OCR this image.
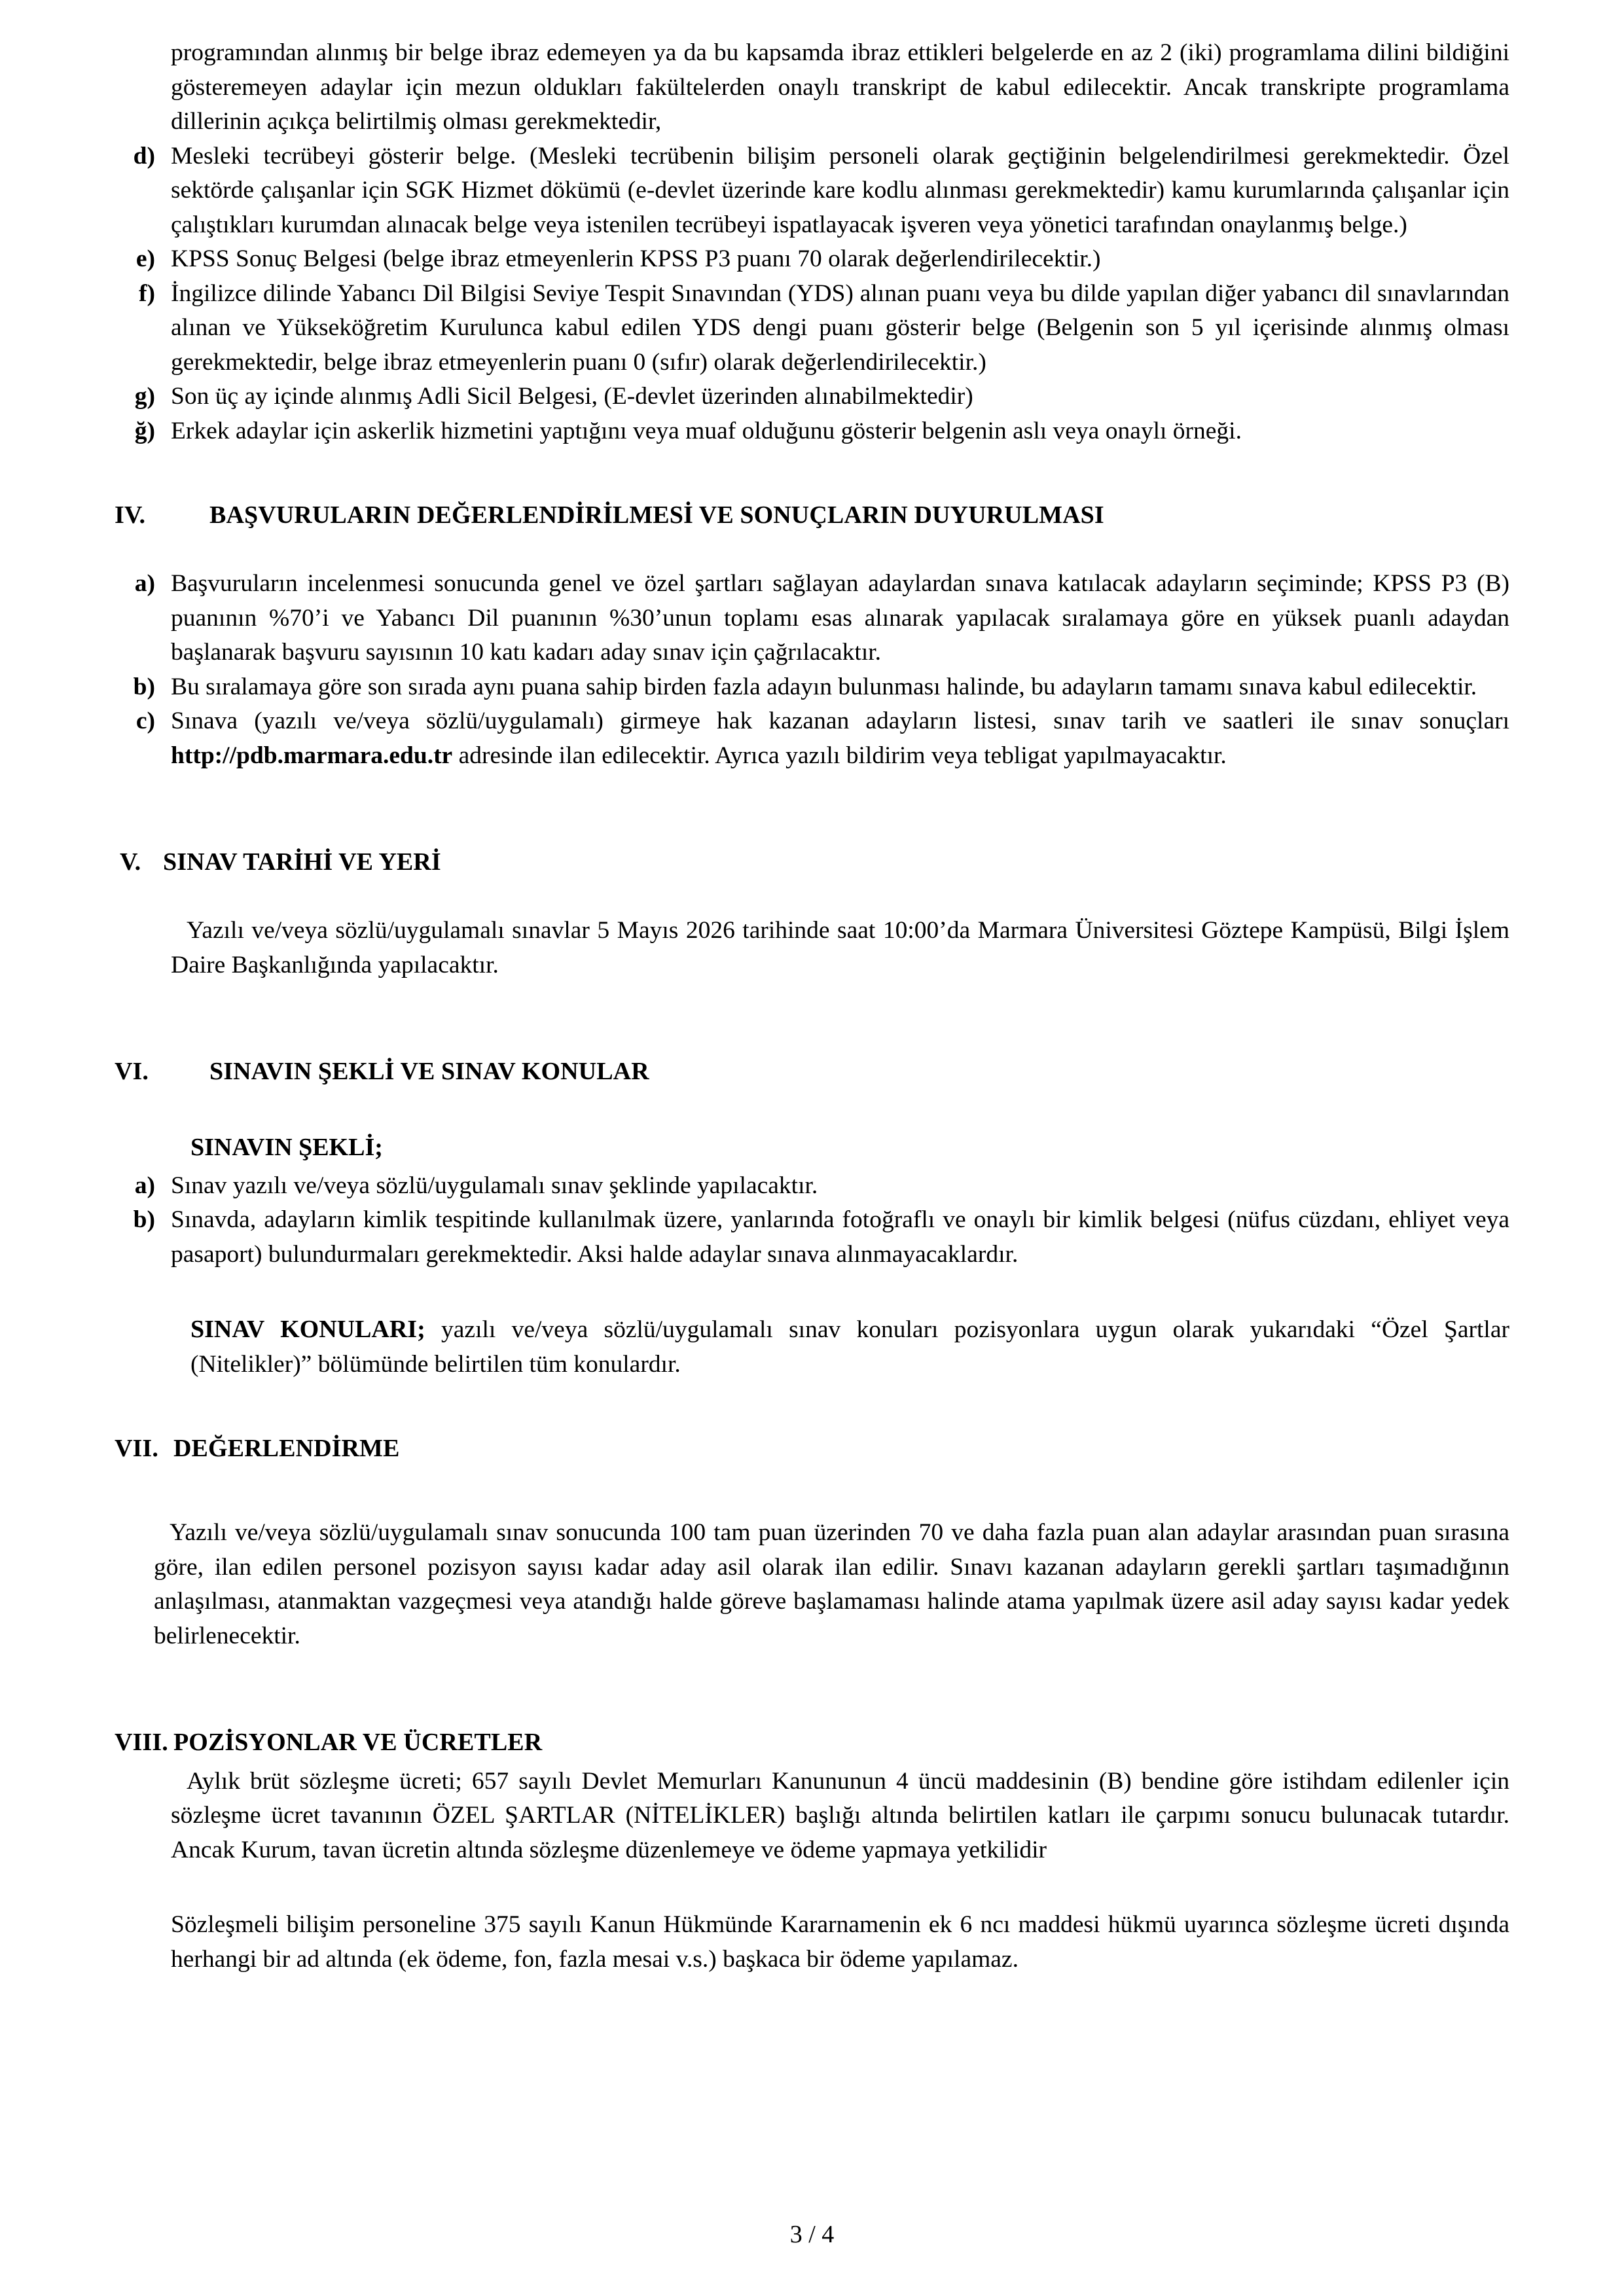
programından alınmış bir belge ibraz edemeyen ya da bu kapsamda ibraz ettikleri belgelerde en az 2 (iki) programlama dilini bildiğini gösteremeyen adaylar için mezun oldukları fakültelerden onaylı transkript de kabul edilecektir. Ancak transkripte programlama dillerinin açıkça belirtilmiş olması gerekmektedir,

d) Mesleki tecrübeyi gösterir belge. (Mesleki tecrübenin bilişim personeli olarak geçtiğinin belgelendirilmesi gerekmektedir. Özel sektörde çalışanlar için SGK Hizmet dökümü (e-devlet üzerinde kare kodlu alınması gerekmektedir) kamu kurumlarında çalışanlar için çalıştıkları kurumdan alınacak belge veya istenilen tecrübeyi ispatlayacak işveren veya yönetici tarafından onaylanmış belge.)
e) KPSS Sonuç Belgesi (belge ibraz etmeyenlerin KPSS P3 puanı 70 olarak değerlendirilecektir.)
f) İngilizce dilinde Yabancı Dil Bilgisi Seviye Tespit Sınavından (YDS) alınan puanı veya bu dilde yapılan diğer yabancı dil sınavlarından alınan ve Yükseköğretim Kurulunca kabul edilen YDS dengi puanı gösterir belge (Belgenin son 5 yıl içerisinde alınmış olması gerekmektedir, belge ibraz etmeyenlerin puanı 0 (sıfır) olarak değerlendirilecektir.)
g) Son üç ay içinde alınmış Adli Sicil Belgesi, (E-devlet üzerinden alınabilmektedir)
ğ) Erkek adaylar için askerlik hizmetini yaptığını veya muaf olduğunu gösterir belgenin aslı veya onaylı örneği.
IV.	BAŞVURULARIN DEĞERLENDİRİLMESİ VE SONUÇLARIN DUYURULMASI
a) Başvuruların incelenmesi sonucunda genel ve özel şartları sağlayan adaylardan sınava katılacak adayların seçiminde; KPSS P3 (B) puanının %70’i ve Yabancı Dil puanının %30’unun toplamı esas alınarak yapılacak sıralamaya göre en yüksek puanlı adaydan başlanarak başvuru sayısının 10 katı kadarı aday sınav için çağrılacaktır.
b) Bu sıralamaya göre son sırada aynı puana sahip birden fazla adayın bulunması halinde, bu adayların tamamı sınava kabul edilecektir.
c) Sınava (yazılı ve/veya sözlü/uygulamalı) girmeye hak kazanan adayların listesi, sınav tarih ve saatleri ile sınav sonuçları http://pdb.marmara.edu.tr adresinde ilan edilecektir. Ayrıca yazılı bildirim veya tebligat yapılmayacaktır.
V. SINAV TARİHİ VE YERİ

Yazılı ve/veya sözlü/uygulamalı sınavlar 5 Mayıs 2026 tarihinde saat 10:00’da Marmara Üniversitesi Göztepe Kampüsü, Bilgi İşlem Daire Başkanlığında yapılacaktır.

VI.	SINAVIN ŞEKLİ VE SINAV KONULAR
SINAVIN ŞEKLİ;
a) Sınav yazılı ve/veya sözlü/uygulamalı sınav şeklinde yapılacaktır.
b) Sınavda, adayların kimlik tespitinde kullanılmak üzere, yanlarında fotoğraflı ve onaylı bir kimlik belgesi (nüfus cüzdanı, ehliyet veya pasaport) bulundurmaları gerekmektedir. Aksi halde adaylar sınava alınmayacaklardır.

SINAV KONULARI; yazılı ve/veya sözlü/uygulamalı sınav konuları pozisyonlara uygun olarak yukarıdaki “Özel Şartlar (Nitelikler)” bölümünde belirtilen tüm konulardır.

VII. DEĞERLENDİRME

Yazılı ve/veya sözlü/uygulamalı sınav sonucunda 100 tam puan üzerinden 70 ve daha fazla puan alan adaylar arasından puan sırasına göre, ilan edilen personel pozisyon sayısı kadar aday asil olarak ilan edilir. Sınavı kazanan adayların gerekli şartları taşımadığının anlaşılması, atanmaktan vazgeçmesi veya atandığı halde göreve başlamaması halinde atama yapılmak üzere asil aday sayısı kadar yedek belirlenecektir.

VIII. POZİSYONLAR VE ÜCRETLER

Aylık brüt sözleşme ücreti; 657 sayılı Devlet Memurları Kanununun 4 üncü maddesinin (B) bendine göre istihdam edilenler için sözleşme ücret tavanının ÖZEL ŞARTLAR (NİTELİKLER) başlığı altında belirtilen katları ile çarpımı sonucu bulunacak tutardır. Ancak Kurum, tavan ücretin altında sözleşme düzenlemeye ve ödeme yapmaya yetkilidir

Sözleşmeli bilişim personeline 375 sayılı Kanun Hükmünde Kararnamenin ek 6 ncı maddesi hükmü uyarınca sözleşme ücreti dışında herhangi bir ad altında (ek ödeme, fon, fazla mesai v.s.) başkaca bir ödeme yapılamaz.

3 / 4
